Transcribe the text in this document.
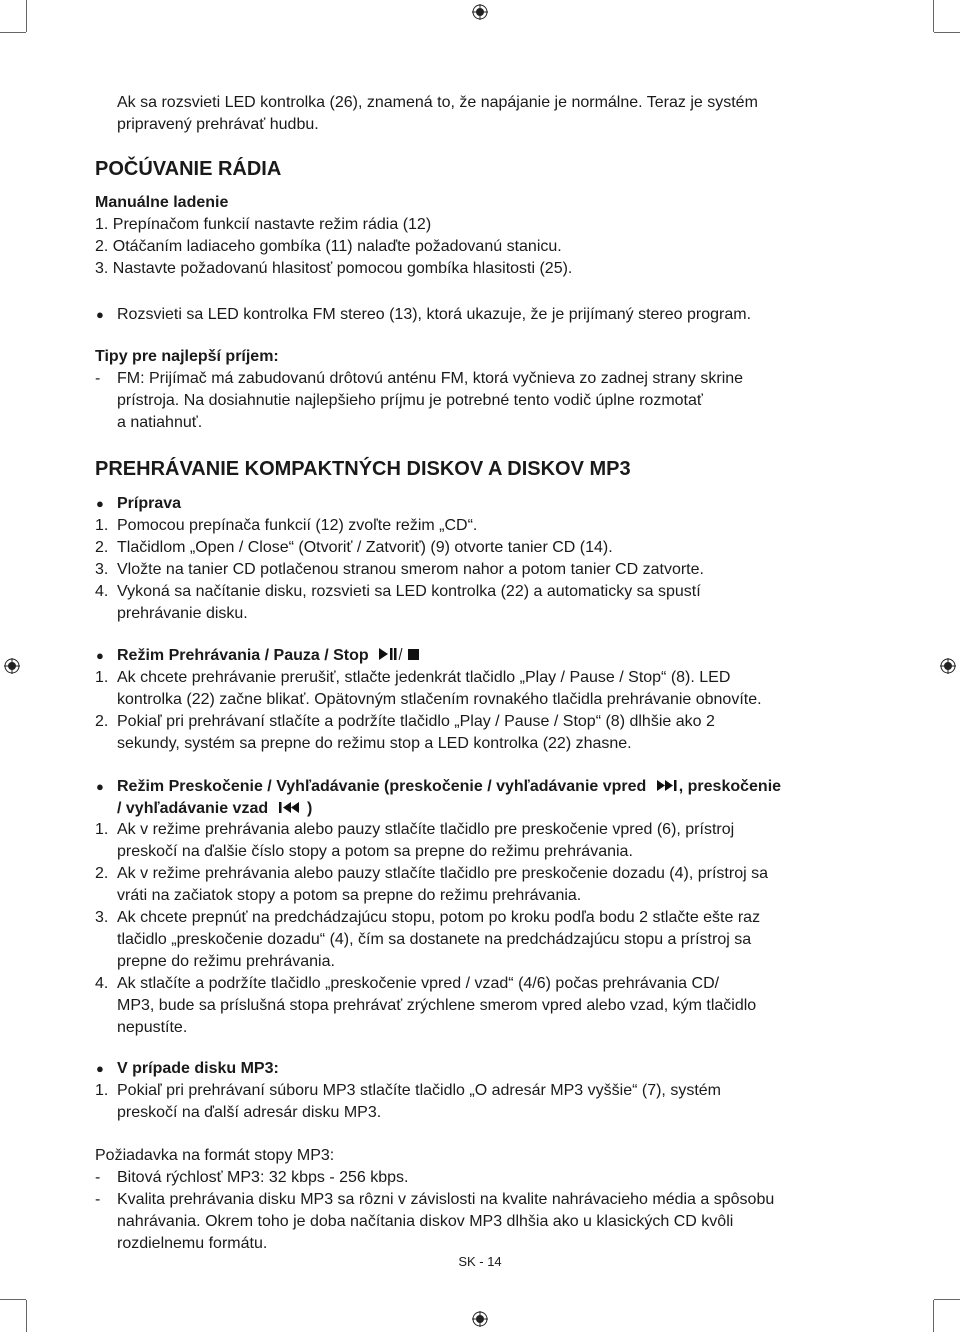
Ak sa rozsvieti LED kontrolka (26), znamená to, že napájanie je normálne. Teraz je systém
pripravený prehrávať hudbu.
POČÚVANIE RÁDIA
Manuálne ladenie
1. Prepínačom funkcií nastavte režim rádia (12)
2. Otáčaním ladiaceho gombíka (11) nalaďte požadovanú stanicu.
3. Nastavte požadovanú hlasitosť pomocou gombíka hlasitosti (25).
● Rozsvieti sa LED kontrolka FM stereo (13), ktorá ukazuje, že je prijímaný stereo program.
Tipy pre najlepší príjem:
- FM: Prijímač má zabudovanú drôtovú anténu FM, ktorá vyčnieva zo zadnej strany skrine
prístroja. Na dosiahnutie najlepšieho príjmu je potrebné tento vodič úplne rozmotať
a natiahnuť.
PREHRÁVANIE KOMPAKTNÝCH DISKOV A DISKOV MP3
● Príprava
1. Pomocou prepínača funkcií (12) zvoľte režim „CD“.
2. Tlačidlom „Open / Close“ (Otvoriť / Zatvoriť) (9) otvorte tanier CD (14).
3. Vložte na tanier CD potlačenou stranou smerom nahor a potom tanier CD zatvorte.
4. Vykoná sa načítanie disku, rozsvieti sa LED kontrolka (22) a automaticky sa spustí
prehrávanie disku.
● Režim Prehrávania / Pauza / Stop
1. Ak chcete prehrávanie prerušiť, stlačte jedenkrát tlačidlo „Play / Pause / Stop“ (8). LED
kontrolka (22) začne blikať. Opätovným stlačením rovnakého tlačidla prehrávanie obnovíte.
2. Pokiaľ pri prehrávaní stlačíte a podržíte tlačidlo „Play / Pause / Stop“ (8) dlhšie ako 2
sekundy, systém sa prepne do režimu stop a LED kontrolka (22) zhasne.
● Režim Preskočenie / Vyhľadávanie (preskočenie / vyhľadávanie vpred , preskočenie
/ vyhľadávanie vzad )
1. Ak v režime prehrávania alebo pauzy stlačíte tlačidlo pre preskočenie vpred (6), prístroj
preskočí na ďalšie číslo stopy a potom sa prepne do režimu prehrávania.
2. Ak v režime prehrávania alebo pauzy stlačíte tlačidlo pre preskočenie dozadu (4), prístroj sa
vráti na začiatok stopy a potom sa prepne do režimu prehrávania.
3. Ak chcete prepnúť na predchádzajúcu stopu, potom po kroku podľa bodu 2 stlačte ešte raz
tlačidlo „preskočenie dozadu“ (4), čím sa dostanete na predchádzajúcu stopu a prístroj sa
prepne do režimu prehrávania.
4. Ak stlačíte a podržíte tlačidlo „preskočenie vpred / vzad“ (4/6) počas prehrávania CD/
MP3, bude sa príslušná stopa prehrávať zrýchlene smerom vpred alebo vzad, kým tlačidlo
nepustíte.
● V prípade disku MP3:
1. Pokiaľ pri prehrávaní súboru MP3 stlačíte tlačidlo „O adresár MP3 vyššie“ (7), systém
preskočí na ďalší adresár disku MP3.
Požiadavka na formát stopy MP3:
- Bitová rýchlosť MP3: 32 kbps - 256 kbps.
- Kvalita prehrávania disku MP3 sa rôzni v závislosti na kvalite nahrávacieho média a spôsobu
nahrávania. Okrem toho je doba načítania diskov MP3 dlhšia ako u klasických CD kvôli
rozdielnemu formátu.
SK - 14
